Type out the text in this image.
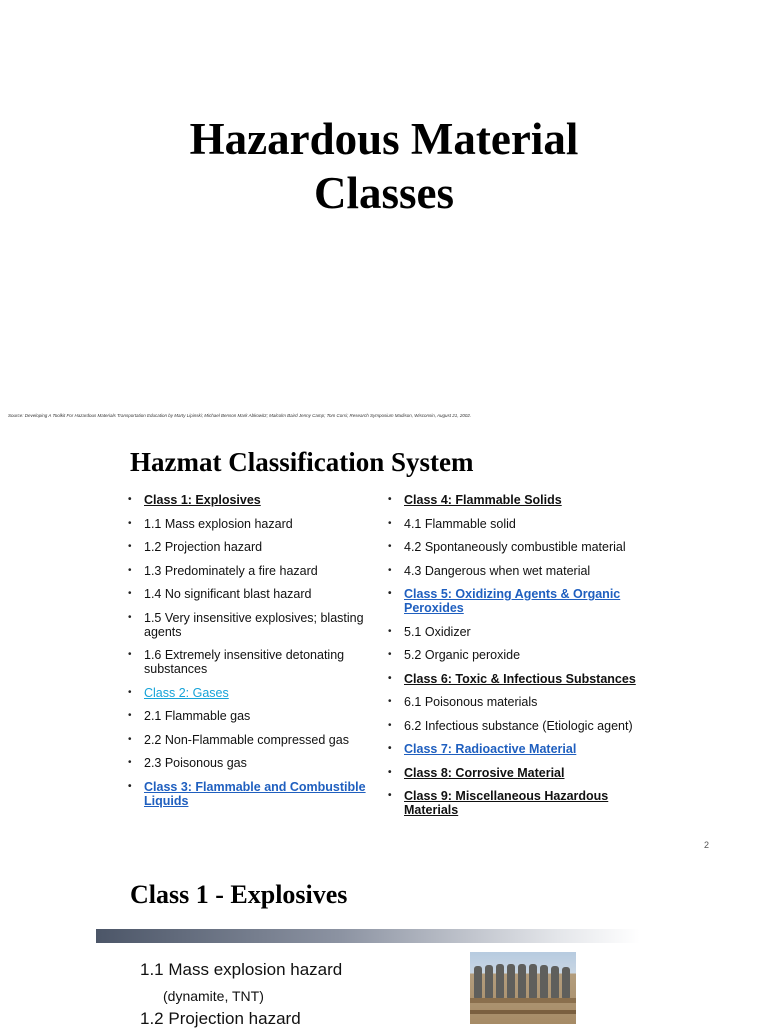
Hazardous Material
Classes
Source: Developing A Toolkit For Hazardous Materials Transportation Education by Marty Lipinski; Michael Benson Mark Abkowitz; Malcolm Baird Jenny Camp; Tom Corsi; Research Symposium Madison, Wisconsin, August 21, 2002.
Hazmat Classification System
• Class 1: Explosives
• 1.1 Mass explosion hazard
• 1.2 Projection hazard
• 1.3 Predominately a fire hazard
• 1.4 No significant blast hazard
• 1.5 Very insensitive explosives; blasting agents
• 1.6 Extremely insensitive detonating substances
• Class 2: Gases
• 2.1 Flammable gas
• 2.2 Non-Flammable compressed gas
• 2.3 Poisonous gas
• Class 3: Flammable and Combustible Liquids
• Class 4: Flammable Solids
• 4.1 Flammable solid
• 4.2 Spontaneously combustible material
• 4.3 Dangerous when wet material
• Class 5: Oxidizing Agents & Organic Peroxides
• 5.1 Oxidizer
• 5.2 Organic peroxide
• Class 6: Toxic & Infectious Substances
• 6.1 Poisonous materials
• 6.2 Infectious substance (Etiologic agent)
• Class 7: Radioactive Material
• Class 8: Corrosive Material
• Class 9: Miscellaneous Hazardous Materials
2
Class 1 - Explosives
1.1 Mass explosion hazard
(dynamite, TNT)
1.2 Projection hazard
